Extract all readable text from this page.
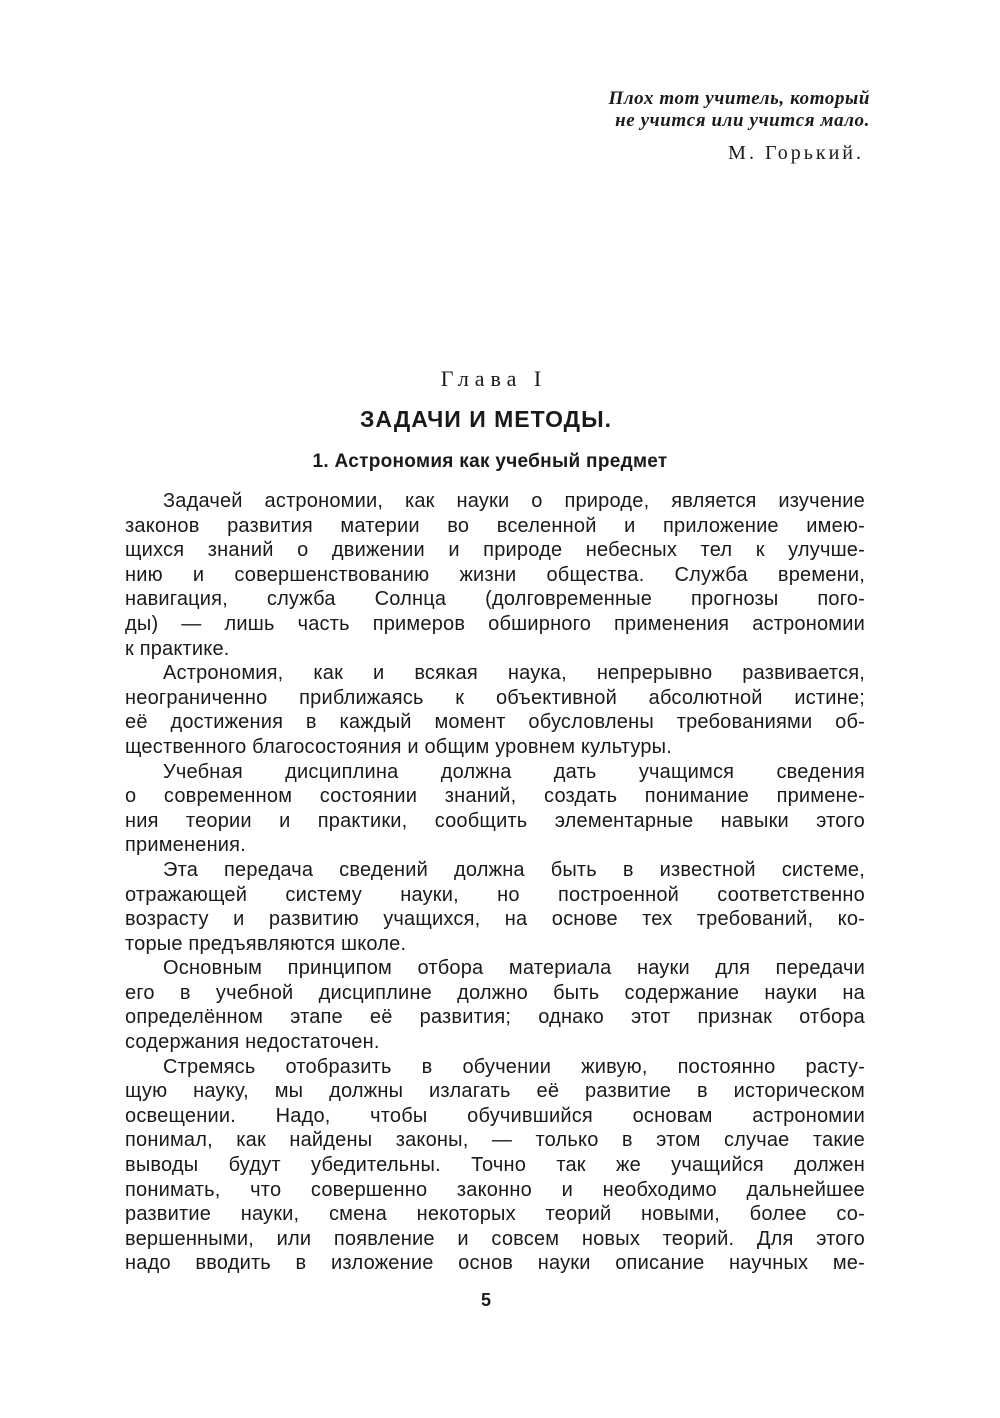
Плох тот учитель, который
не учится или учится мало.
М. Горький.
Глава I
ЗАДАЧИ И МЕТОДЫ.
1. Астрономия как учебный предмет
Задачей астрономии, как науки о природе, является изучение
законов развития материи во вселенной и приложение имею-
щихся знаний о движении и природе небесных тел к улучше-
нию и совершенствованию жизни общества. Служба времени,
навигация, служба Солнца (долговременные прогнозы пого-
ды) — лишь часть примеров обширного применения астрономии
к практике.
Астрономия, как и всякая наука, непрерывно развивается,
неограниченно приближаясь к объективной абсолютной истине;
её достижения в каждый момент обусловлены требованиями об-
щественного благосостояния и общим уровнем культуры.
Учебная дисциплина должна дать учащимся сведения
о современном состоянии знаний, создать понимание примене-
ния теории и практики, сообщить элементарные навыки этого
применения.
Эта передача сведений должна быть в известной системе,
отражающей систему науки, но построенной соответственно
возрасту и развитию учащихся, на основе тех требований, ко-
торые предъявляются школе.
Основным принципом отбора материала науки для передачи
его в учебной дисциплине должно быть содержание науки на
определённом этапе её развития; однако этот признак отбора
содержания недостаточен.
Стремясь отобразить в обучении живую, постоянно расту-
щую науку, мы должны излагать её развитие в историческом
освещении. Надо, чтобы обучившийся основам астрономии
понимал, как найдены законы, — только в этом случае такие
выводы будут убедительны. Точно так же учащийся должен
понимать, что совершенно законно и необходимо дальнейшее
развитие науки, смена некоторых теорий новыми, более со-
вершенными, или появление и совсем новых теорий. Для этого
надо вводить в изложение основ науки описание научных ме-
5
